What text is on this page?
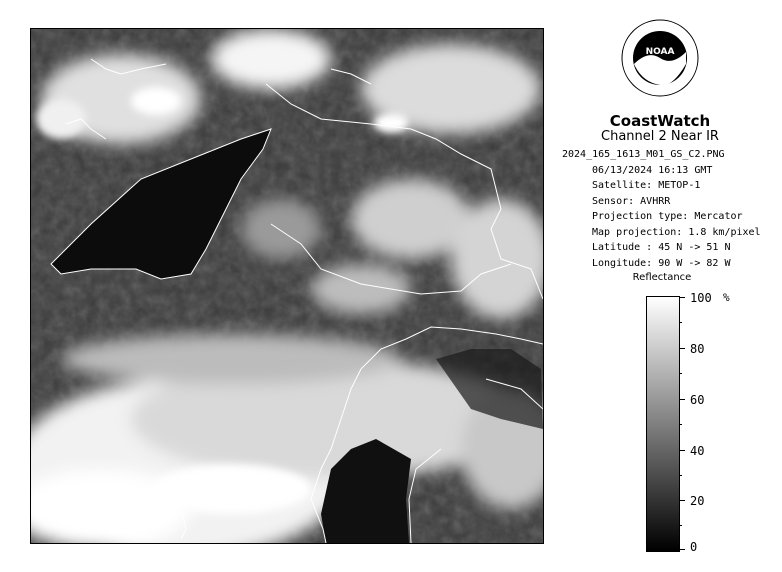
NOAA
CoastWatch
Channel 2 Near IR
2024_165_1613_M01_GS_C2.PNG
06/13/2024 16:13 GMT
Satellite: METOP-1
Sensor: AVHRR
Projection type: Mercator
Map projection: 1.8 km/pixel
Latitude : 45 N -> 51 N
Longitude: 90 W -> 82 W
Reflectance
%
100
80
60
40
20
0
